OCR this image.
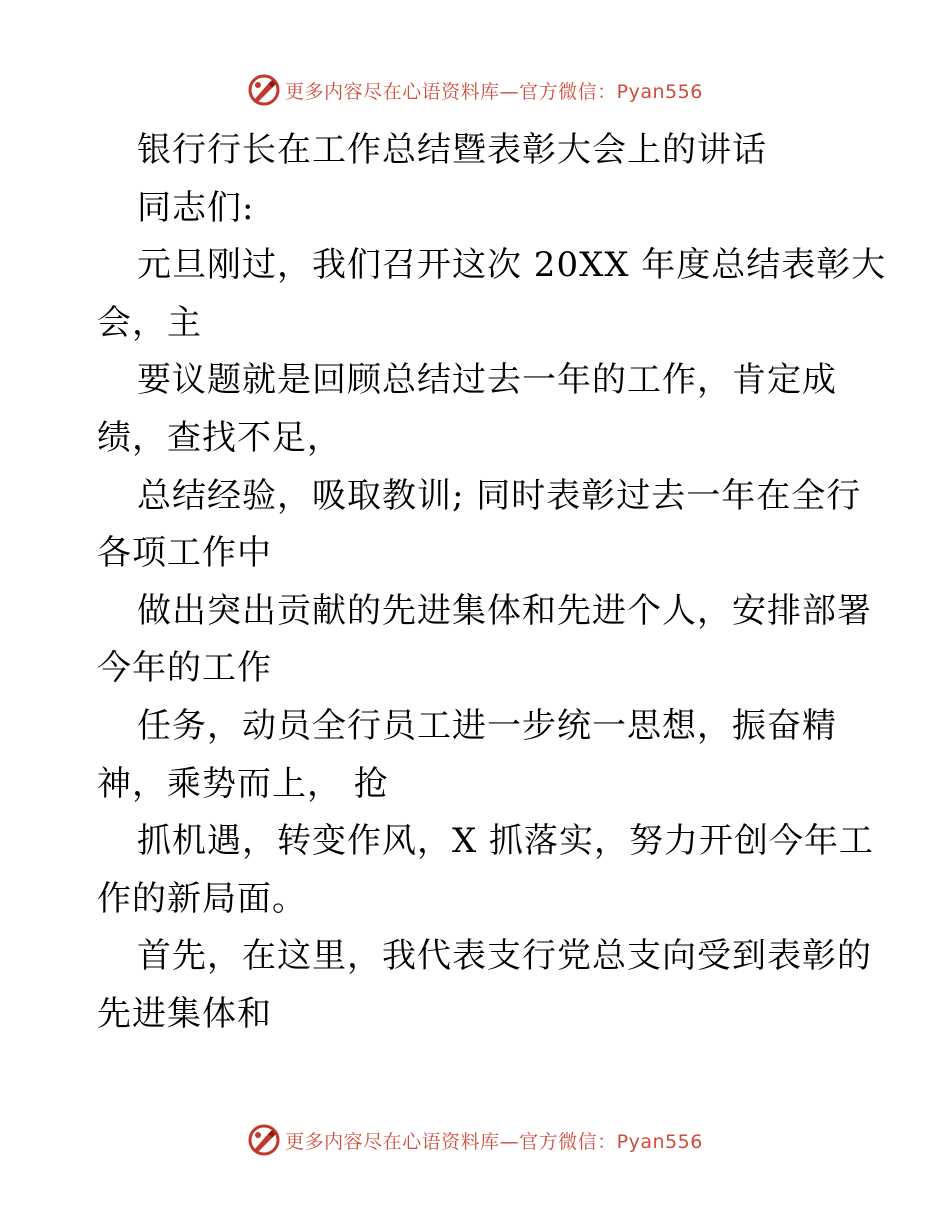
更多内容尽在心语资料库—官方微信：Pyan556
银行行长在工作总结暨表彰大会上的讲话
同志们:
元旦刚过，我们召开这次 20XX 年度总结表彰大
会，主
要议题就是回顾总结过去一年的工作，肯定成
绩，查找不足，
总结经验，吸取教训; 同时表彰过去一年在全行
各项工作中
做出突出贡献的先进集体和先进个人，安排部署
今年的工作
任务，动员全行员工进一步统一思想，振奋精
神，乘势而上， 抢
抓机遇，转变作风，X 抓落实，努力开创今年工
作的新局面。
首先，在这里，我代表支行党总支向受到表彰的
先进集体和
更多内容尽在心语资料库—官方微信：Pyan556
